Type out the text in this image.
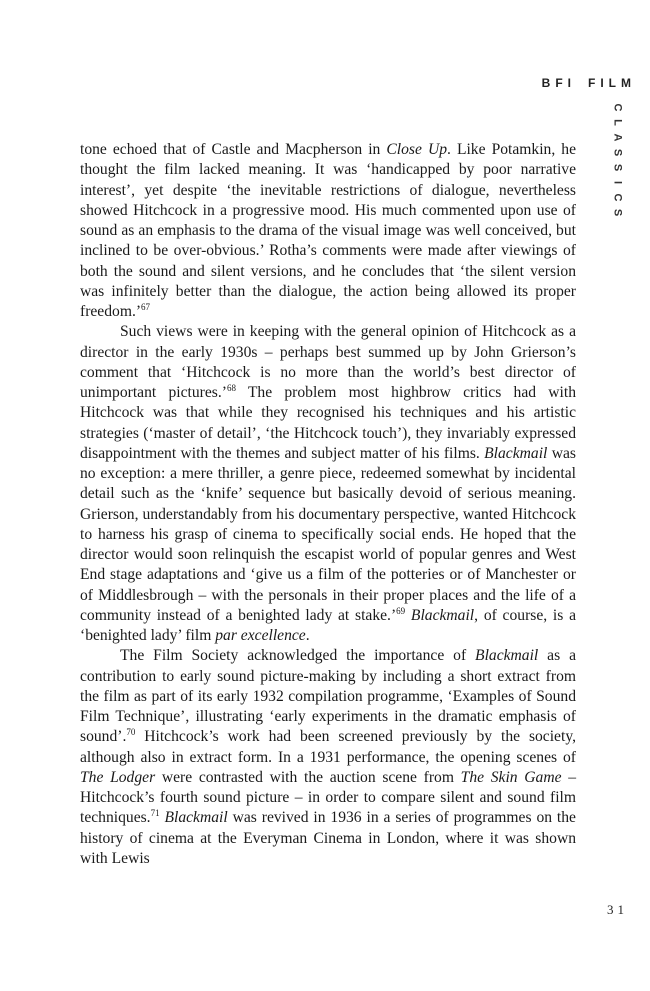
BFI FILM
C
L
A
S
S
I
C
S

tone echoed that of Castle and Macpherson in Close Up. Like Potamkin, he thought the film lacked meaning. It was ‘handicapped by poor narrative interest’, yet despite ‘the inevitable restrictions of dialogue, nevertheless showed Hitchcock in a progressive mood. His much commented upon use of sound as an emphasis to the drama of the visual image was well conceived, but inclined to be over-obvious.’ Rotha’s comments were made after viewings of both the sound and silent versions, and he concludes that ‘the silent version was infinitely better than the dialogue, the action being allowed its proper freedom.’$^{67}$

Such views were in keeping with the general opinion of Hitchcock as a director in the early 1930s – perhaps best summed up by John Grierson’s comment that ‘Hitchcock is no more than the world’s best director of unimportant pictures.’$^{68}$ The problem most highbrow critics had with Hitchcock was that while they recognised his techniques and his artistic strategies (‘master of detail’, ‘the Hitchcock touch’), they invariably expressed disappointment with the themes and subject matter of his films. Blackmail was no exception: a mere thriller, a genre piece, redeemed somewhat by incidental detail such as the ‘knife’ sequence but basically devoid of serious meaning. Grierson, understandably from his documentary perspective, wanted Hitchcock to harness his grasp of cinema to specifically social ends. He hoped that the director would soon relinquish the escapist world of popular genres and West End stage adaptations and ‘give us a film of the potteries or of Manchester or of Middlesbrough – with the personals in their proper places and the life of a community instead of a benighted lady at stake.’$^{69}$ Blackmail, of course, is a ‘benighted lady’ film par excellence.

The Film Society acknowledged the importance of Blackmail as a contribution to early sound picture-making by including a short extract from the film as part of its early 1932 compilation programme, ‘Examples of Sound Film Technique’, illustrating ‘early experiments in the dramatic emphasis of sound’.$^{70}$ Hitchcock’s work had been screened previously by the society, although also in extract form. In a 1931 performance, the opening scenes of The Lodger were contrasted with the auction scene from The Skin Game – Hitchcock’s fourth sound picture – in order to compare silent and sound film techniques.$^{71}$ Blackmail was revived in 1936 in a series of programmes on the history of cinema at the Everyman Cinema in London, where it was shown with Lewis

31
